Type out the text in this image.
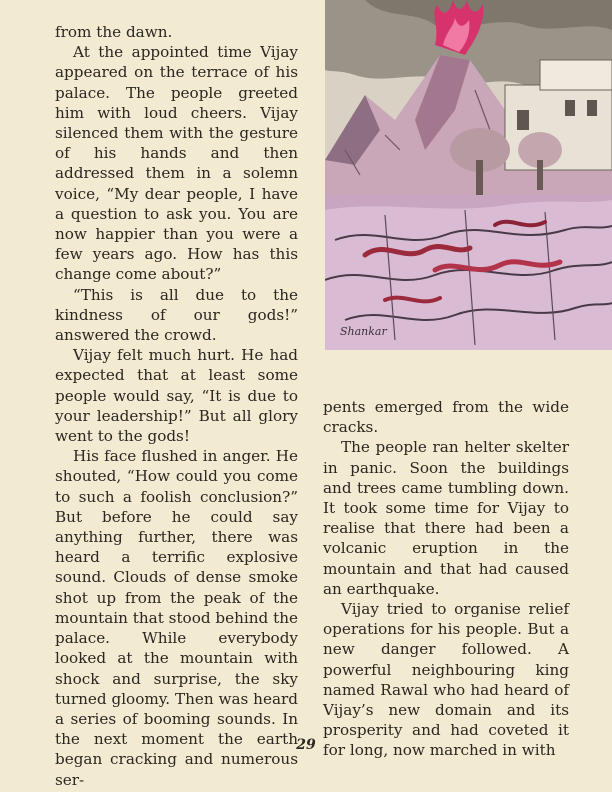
from the dawn.

At the appointed time Vijay appeared on the terrace of his palace. The people greeted him with loud cheers. Vijay silenced them with the gesture of his hands and then addressed them in a solemn voice, “My dear people, I have a question to ask you. You are now happier than you were a few years ago. How has this change come about?”

“This is all due to the kindness of our gods!” answered the crowd.

Vijay felt much hurt. He had expected that at least some people would say, “It is due to your leadership!” But all glory went to the gods!

His face flushed in anger. He shouted, “How could you come to such a foolish conclusion?” But before he could say anything further, there was heard a terrific explosive sound. Clouds of dense smoke shot up from the peak of the mountain that stood behind the palace. While everybody looked at the mountain with shock and surprise, the sky turned gloomy. Then was heard a series of booming sounds. In the next moment the earth began cracking and numerous ser-

Shankar

pents emerged from the wide cracks.

The people ran helter skelter in panic. Soon the buildings and trees came tumbling down. It took some time for Vijay to realise that there had been a volcanic eruption in the mountain and that had caused an earthquake.

Vijay tried to organise relief operations for his people. But a new danger followed. A powerful neighbouring king named Rawal who had heard of Vijay’s new domain and its prosperity and had coveted it for long, now marched in with

29
